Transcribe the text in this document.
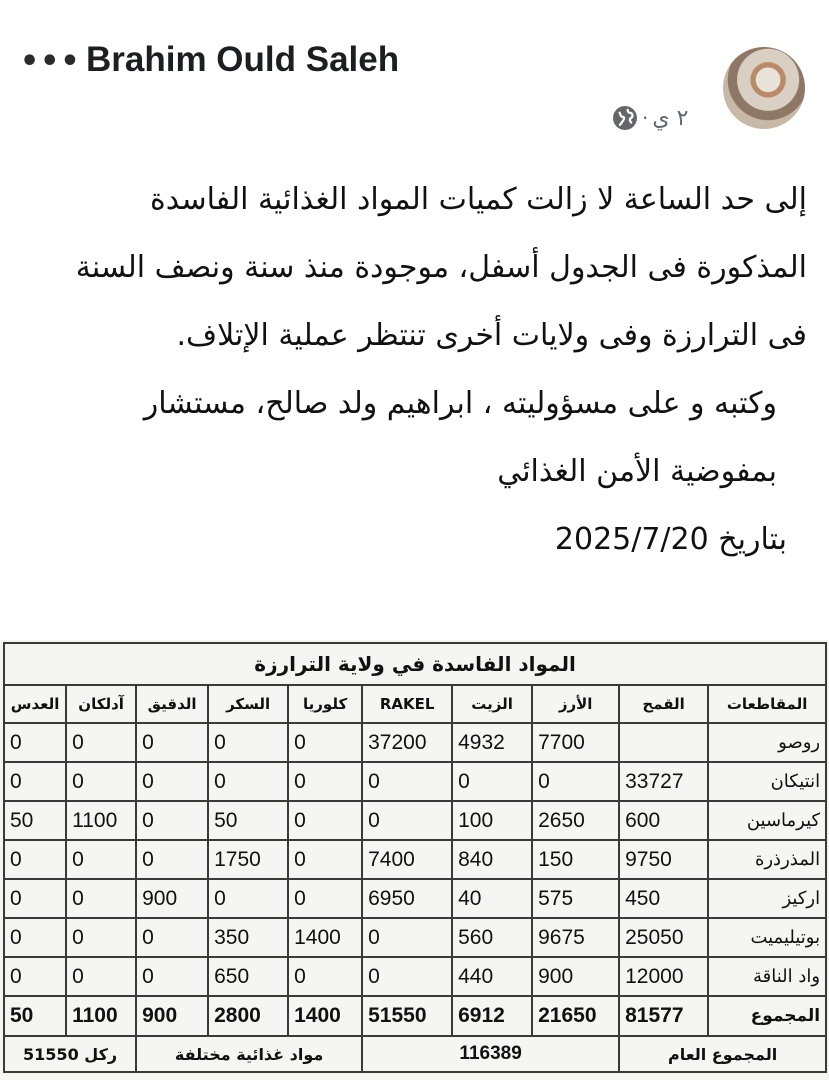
••• Brahim Ould Saleh
· ٢ ي

إلى حد الساعة لا زالت كميات المواد الغذائية الفاسدة المذكورة فى الجدول أسفل، موجودة منذ سنة ونصف السنة فى الترارزة وفى ولايات أخرى تنتظر عملية الإتلاف.

وكتبه و على مسؤوليته ، ابراهيم ولد صالح، مستشار بمفوضية الأمن الغذائي

بتاريخ 2025/7/20

المواد الفاسدة في ولاية الترارزة									
المقاطعات	القمح	الأرز	الزيت	RAKEL	كلوريا	السكر	الدقيق	آدلكان	العدس
روصو		7700	4932	37200	0	0	0	0	0
انتيكان	33727	0	0	0	0	0	0	0	0
كيرماسين	600	2650	100	0	0	50	0	1100	50
المذرذرة	9750	150	840	7400	0	1750	0	0	0
اركيز	450	575	40	6950	0	0	900	0	0
بوتيليميت	25050	9675	560	0	1400	350	0	0	0
واد الناقة	12000	900	440	0	0	650	0	0	0
المجموع	81577	21650	6912	51550	1400	2800	900	1100	50
المجموع العام		116389			مواد غذائية مختلفة			ركل 51550	
